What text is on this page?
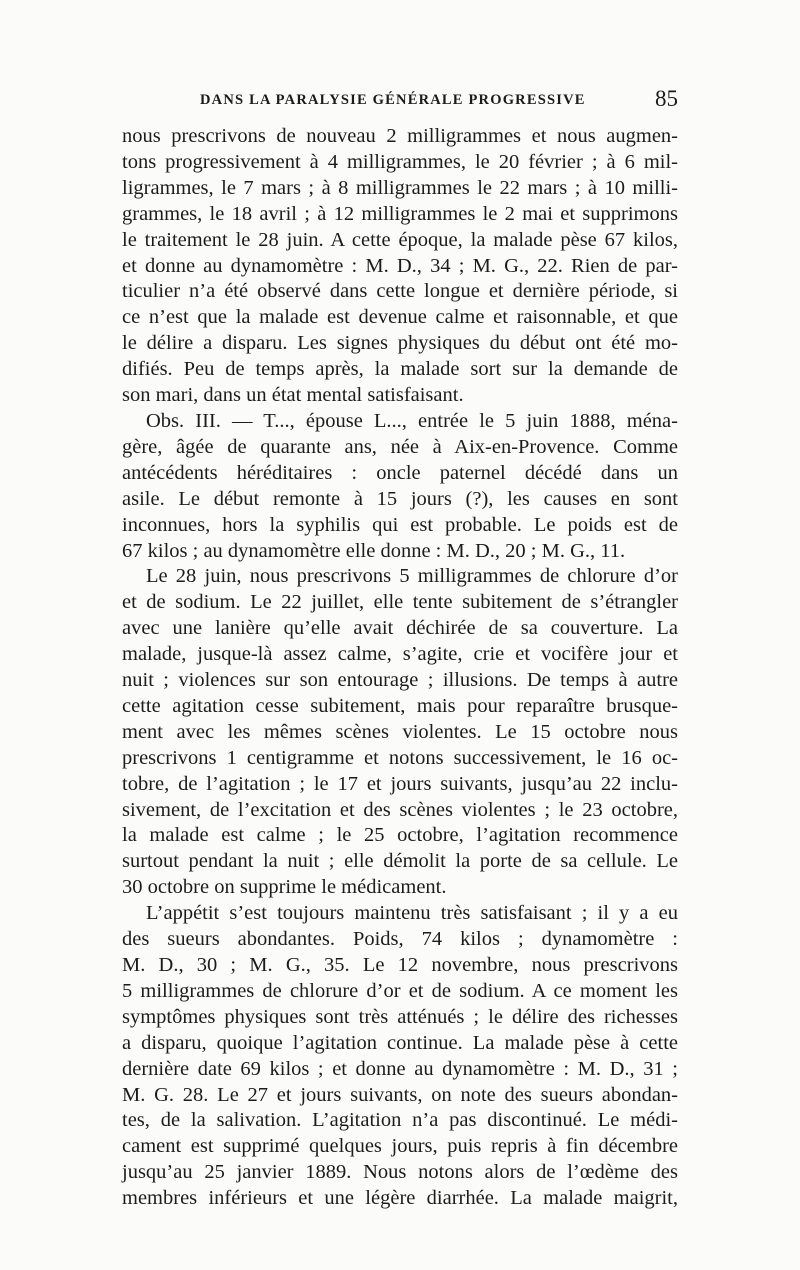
DANS LA PARALYSIE GÉNÉRALE PROGRESSIVE	85
nous prescrivons de nouveau 2 milligrammes et nous augmen-
tons progressivement à 4 milligrammes, le 20 février ; à 6 mil-
ligrammes, le 7 mars ; à 8 milligrammes le 22 mars ; à 10 milli-
grammes, le 18 avril ; à 12 milligrammes le 2 mai et supprimons
le traitement le 28 juin. A cette époque, la malade pèse 67 kilos,
et donne au dynamomètre : M. D., 34 ; M. G., 22. Rien de par-
ticulier n’a été observé dans cette longue et dernière période, si
ce n’est que la malade est devenue calme et raisonnable, et que
le délire a disparu. Les signes physiques du début ont été mo-
difiés. Peu de temps après, la malade sort sur la demande de
son mari, dans un état mental satisfaisant.
Obs. III. — T..., épouse L..., entrée le 5 juin 1888, ména-
gère, âgée de quarante ans, née à Aix-en-Provence. Comme
antécédents héréditaires : oncle paternel décédé dans un
asile. Le début remonte à 15 jours (?), les causes en sont
inconnues, hors la syphilis qui est probable. Le poids est de
67 kilos ; au dynamomètre elle donne : M. D., 20 ; M. G., 11.
Le 28 juin, nous prescrivons 5 milligrammes de chlorure d’or
et de sodium. Le 22 juillet, elle tente subitement de s’étrangler
avec une lanière qu’elle avait déchirée de sa couverture. La
malade, jusque-là assez calme, s’agite, crie et vocifère jour et
nuit ; violences sur son entourage ; illusions. De temps à autre
cette agitation cesse subitement, mais pour reparaître brusque-
ment avec les mêmes scènes violentes. Le 15 octobre nous
prescrivons 1 centigramme et notons successivement, le 16 oc-
tobre, de l’agitation ; le 17 et jours suivants, jusqu’au 22 inclu-
sivement, de l’excitation et des scènes violentes ; le 23 octobre,
la malade est calme ; le 25 octobre, l’agitation recommence
surtout pendant la nuit ; elle démolit la porte de sa cellule. Le
30 octobre on supprime le médicament.
L’appétit s’est toujours maintenu très satisfaisant ; il y a eu
des sueurs abondantes. Poids, 74 kilos ; dynamomètre :
M. D., 30 ; M. G., 35. Le 12 novembre, nous prescrivons
5 milligrammes de chlorure d’or et de sodium. A ce moment les
symptômes physiques sont très atténués ; le délire des richesses
a disparu, quoique l’agitation continue. La malade pèse à cette
dernière date 69 kilos ; et donne au dynamomètre : M. D., 31 ;
M. G. 28. Le 27 et jours suivants, on note des sueurs abondan-
tes, de la salivation. L’agitation n’a pas discontinué. Le médi-
cament est supprimé quelques jours, puis repris à fin décembre
jusqu’au 25 janvier 1889. Nous notons alors de l’œdème des
membres inférieurs et une légère diarrhée. La malade maigrit,
